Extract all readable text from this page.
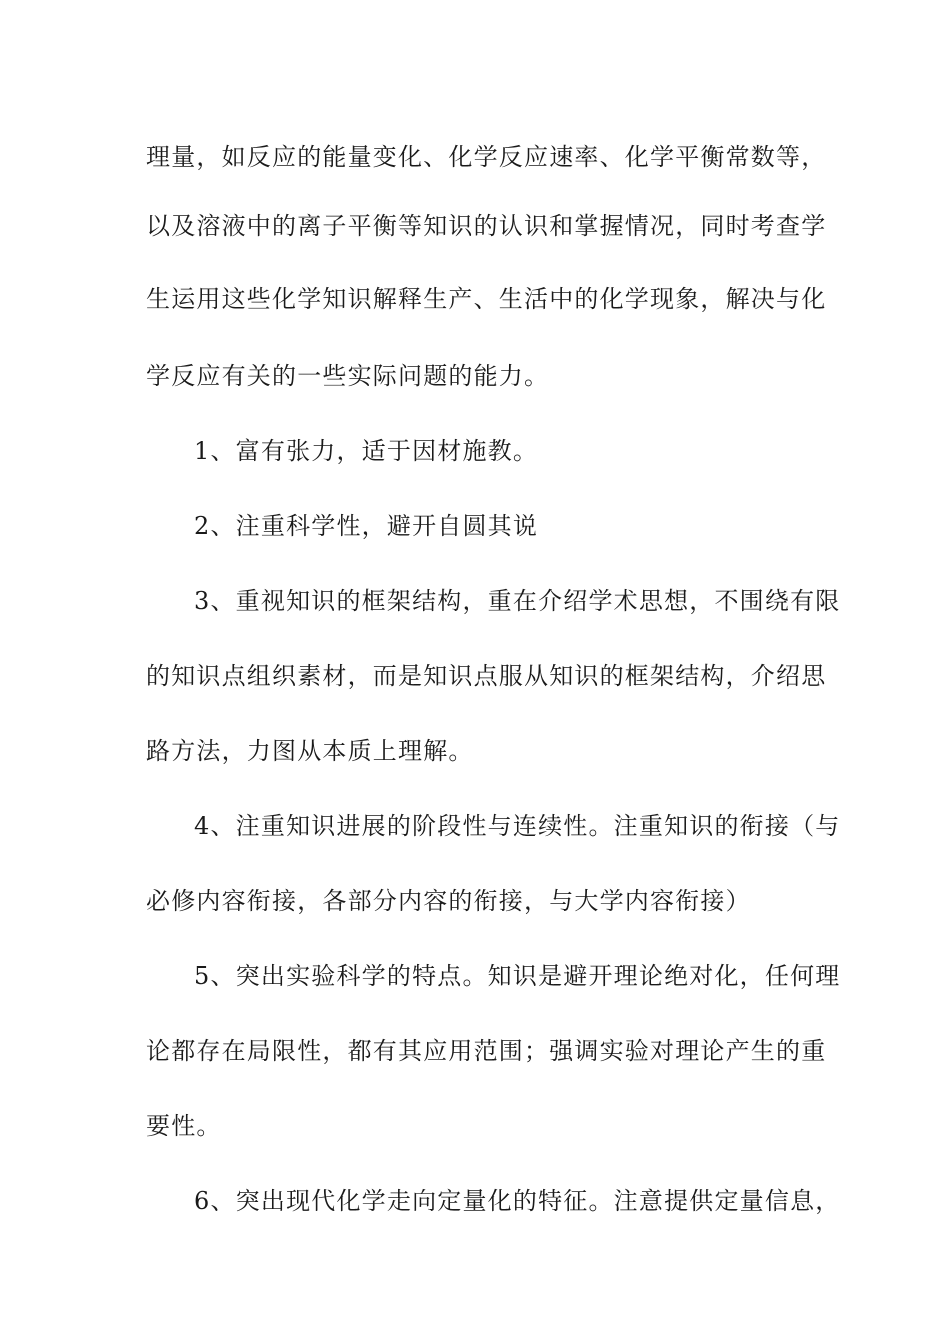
理量，如反应的能量变化、化学反应速率、化学平衡常数等，
以及溶液中的离子平衡等知识的认识和掌握情况，同时考查学
生运用这些化学知识解释生产、生活中的化学现象，解决与化
学反应有关的一些实际问题的能力。
1、富有张力，适于因材施教。
2、注重科学性，避开自圆其说
3、重视知识的框架结构，重在介绍学术思想，不围绕有限
的知识点组织素材，而是知识点服从知识的框架结构，介绍思
路方法，力图从本质上理解。
4、注重知识进展的阶段性与连续性。注重知识的衔接（与
必修内容衔接，各部分内容的衔接，与大学内容衔接）
5、突出实验科学的特点。知识是避开理论绝对化，任何理
论都存在局限性，都有其应用范围；强调实验对理论产生的重
要性。
6、突出现代化学走向定量化的特征。注意提供定量信息，
